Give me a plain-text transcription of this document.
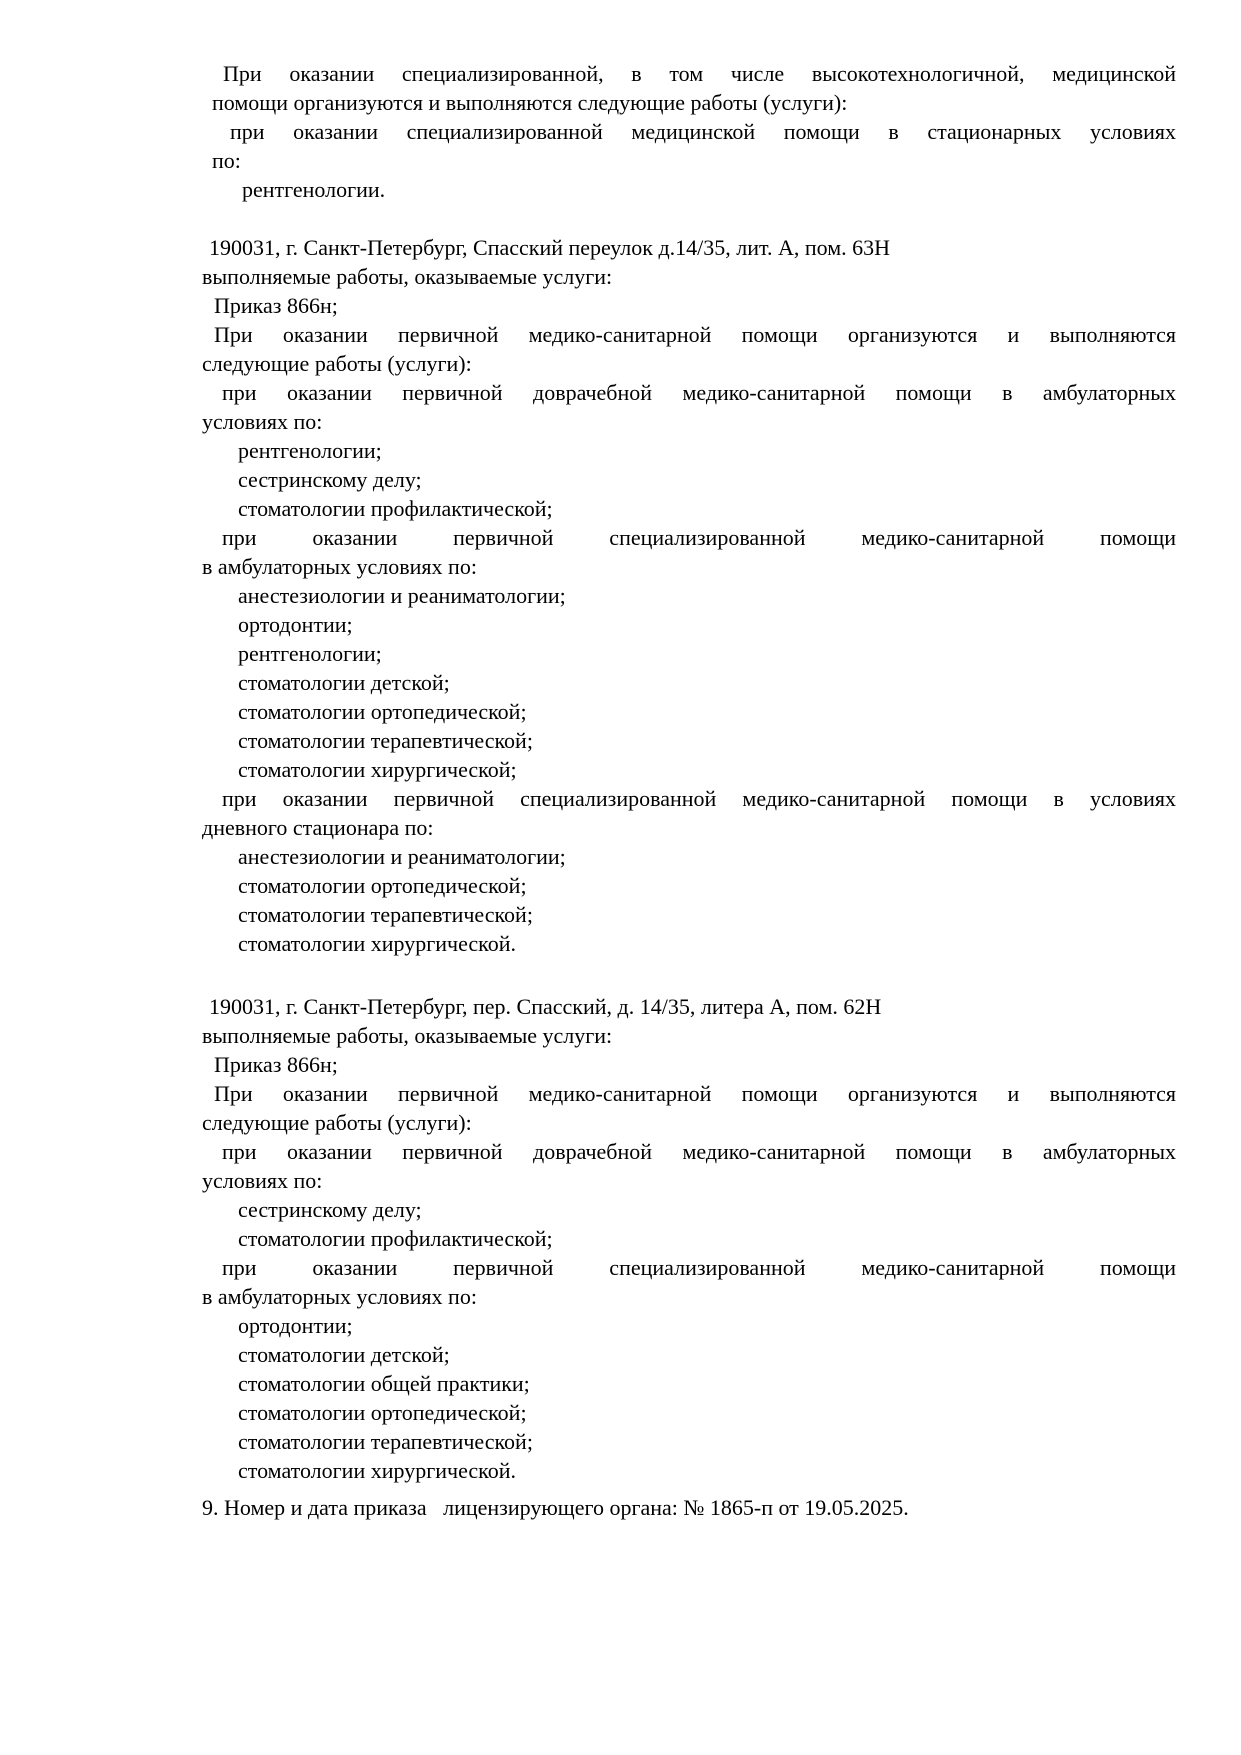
При оказании специализированной, в том числе высокотехнологичной, медицинской
помощи организуются и выполняются следующие работы (услуги):
при оказании специализированной медицинской помощи в стационарных условиях
по:
рентгенологии.
190031, г. Санкт-Петербург, Спасский переулок д.14/35, лит. А, пом. 63Н
выполняемые работы, оказываемые услуги:
Приказ 866н;
При оказании первичной медико-санитарной помощи организуются и выполняются
следующие работы (услуги):
при оказании первичной доврачебной медико-санитарной помощи в амбулаторных
условиях по:
рентгенологии;
сестринскому делу;
стоматологии профилактической;
при оказании первичной специализированной медико-санитарной помощи
в амбулаторных условиях по:
анестезиологии и реаниматологии;
ортодонтии;
рентгенологии;
стоматологии детской;
стоматологии ортопедической;
стоматологии терапевтической;
стоматологии хирургической;
при оказании первичной специализированной медико-санитарной помощи в условиях
дневного стационара по:
анестезиологии и реаниматологии;
стоматологии ортопедической;
стоматологии терапевтической;
стоматологии хирургической.
190031, г. Санкт-Петербург, пер. Спасский, д. 14/35, литера А, пом. 62Н
выполняемые работы, оказываемые услуги:
Приказ 866н;
При оказании первичной медико-санитарной помощи организуются и выполняются
следующие работы (услуги):
при оказании первичной доврачебной медико-санитарной помощи в амбулаторных
условиях по:
сестринскому делу;
стоматологии профилактической;
при оказании первичной специализированной медико-санитарной помощи
в амбулаторных условиях по:
ортодонтии;
стоматологии детской;
стоматологии общей практики;
стоматологии ортопедической;
стоматологии терапевтической;
стоматологии хирургической.
9. Номер и дата приказа   лицензирующего органа: № 1865-п от 19.05.2025.
